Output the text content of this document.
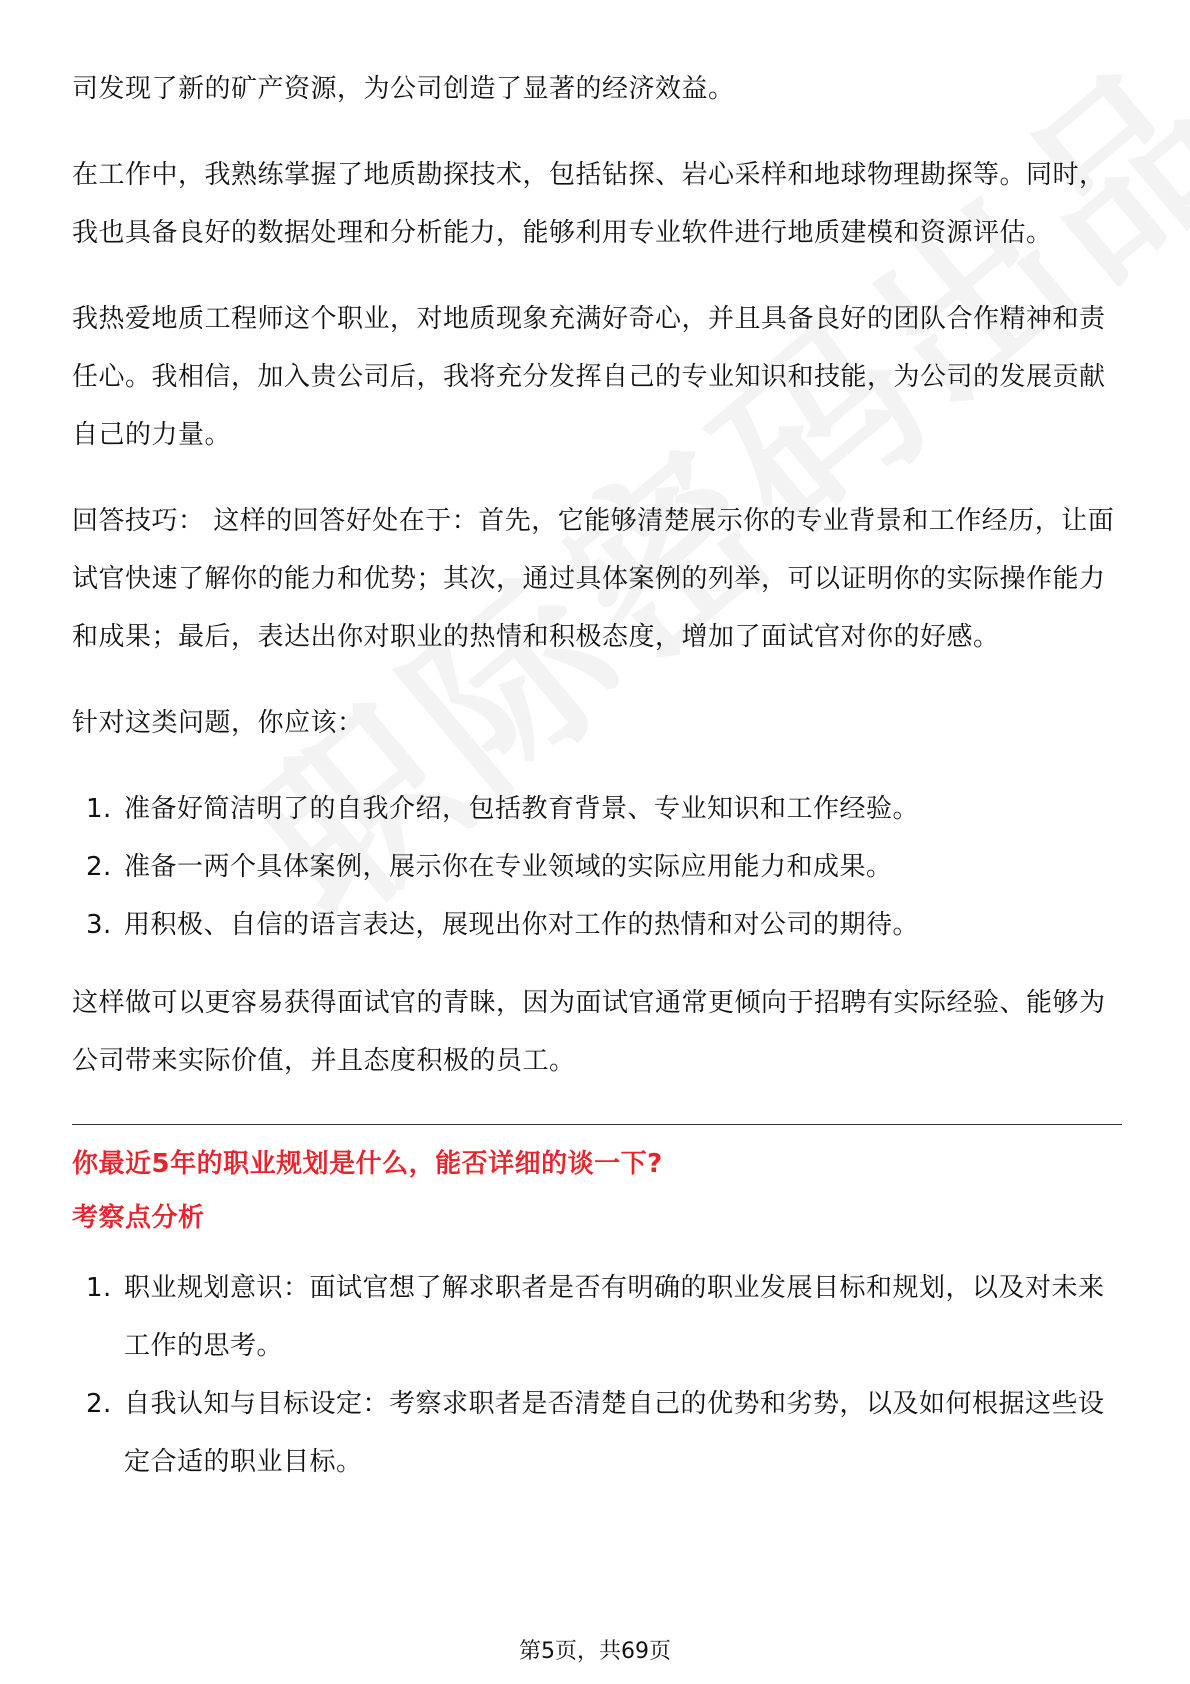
司发现了新的矿产资源，为公司创造了显著的经济效益。

在工作中，我熟练掌握了地质勘探技术，包括钻探、岩心采样和地球物理勘探等。同时，我也具备良好的数据处理和分析能力，能够利用专业软件进行地质建模和资源评估。

我热爱地质工程师这个职业，对地质现象充满好奇心，并且具备良好的团队合作精神和责任心。我相信，加入贵公司后，我将充分发挥自己的专业知识和技能，为公司的发展贡献自己的力量。

回答技巧： 这样的回答好处在于：首先，它能够清楚展示你的专业背景和工作经历，让面试官快速了解你的能力和优势；其次，通过具体案例的列举，可以证明你的实际操作能力和成果；最后，表达出你对职业的热情和积极态度，增加了面试官对你的好感。

针对这类问题，你应该：

1. 准备好简洁明了的自我介绍，包括教育背景、专业知识和工作经验。
2. 准备一两个具体案例，展示你在专业领域的实际应用能力和成果。
3. 用积极、自信的语言表达，展现出你对工作的热情和对公司的期待。

这样做可以更容易获得面试官的青睐，因为面试官通常更倾向于招聘有实际经验、能够为公司带来实际价值，并且态度积极的员工。

你最近5年的职业规划是什么，能否详细的谈一下?
考察点分析
1. 职业规划意识：面试官想了解求职者是否有明确的职业发展目标和规划，以及对未来工作的思考。
2. 自我认知与目标设定：考察求职者是否清楚自己的优势和劣势，以及如何根据这些设定合适的职业目标。
第5页，共69页
